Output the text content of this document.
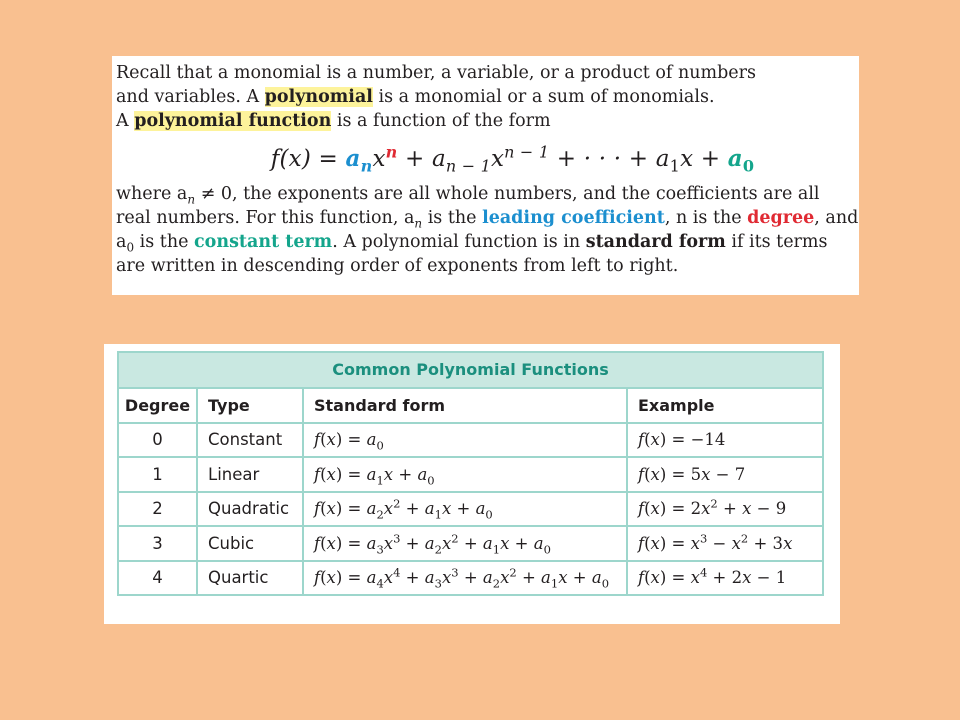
Recall that a monomial is a number, a variable, or a product of numbers

and variables. A polynomial is a monomial or a sum of monomials.

A polynomial function is a function of the form

$f(x) = a_nx^n + a_{n - 1}x^{n - 1}$ + · · · + $a_1x + a_0$

where $a_n \ne 0$, the exponents are all whole numbers, and the coefficients are all

real numbers. For this function, $a_n$ is the leading coefficient, n is the degree, and

$a_0$ is the constant term. A polynomial function is in standard form if its terms

are written in descending order of exponents from left to right.

Common Polynomial Functions
Degree	Type	Standard form	Example
0	Constant	$f(x) = a_0$	f(x) = −14
1	Linear	$f(x) = a_1x + a_0$	f(x) = 5x − 7
2	Quadratic	$f(x) = a_2x^2 + a_1x + a_0$	$f(x) = 2x^2 + x - 9$
3	Cubic	$f(x) = a_3x^3 + a_2x^2 + a_1x + a_0$	$f(x) = x^3 - x^2 + 3x$
4	Quartic	$f(x) = a_4x^4 + a_3x^3 + a_2x^2 + a_1x + a_0$	$f(x) = x^4 + 2x - 1$
